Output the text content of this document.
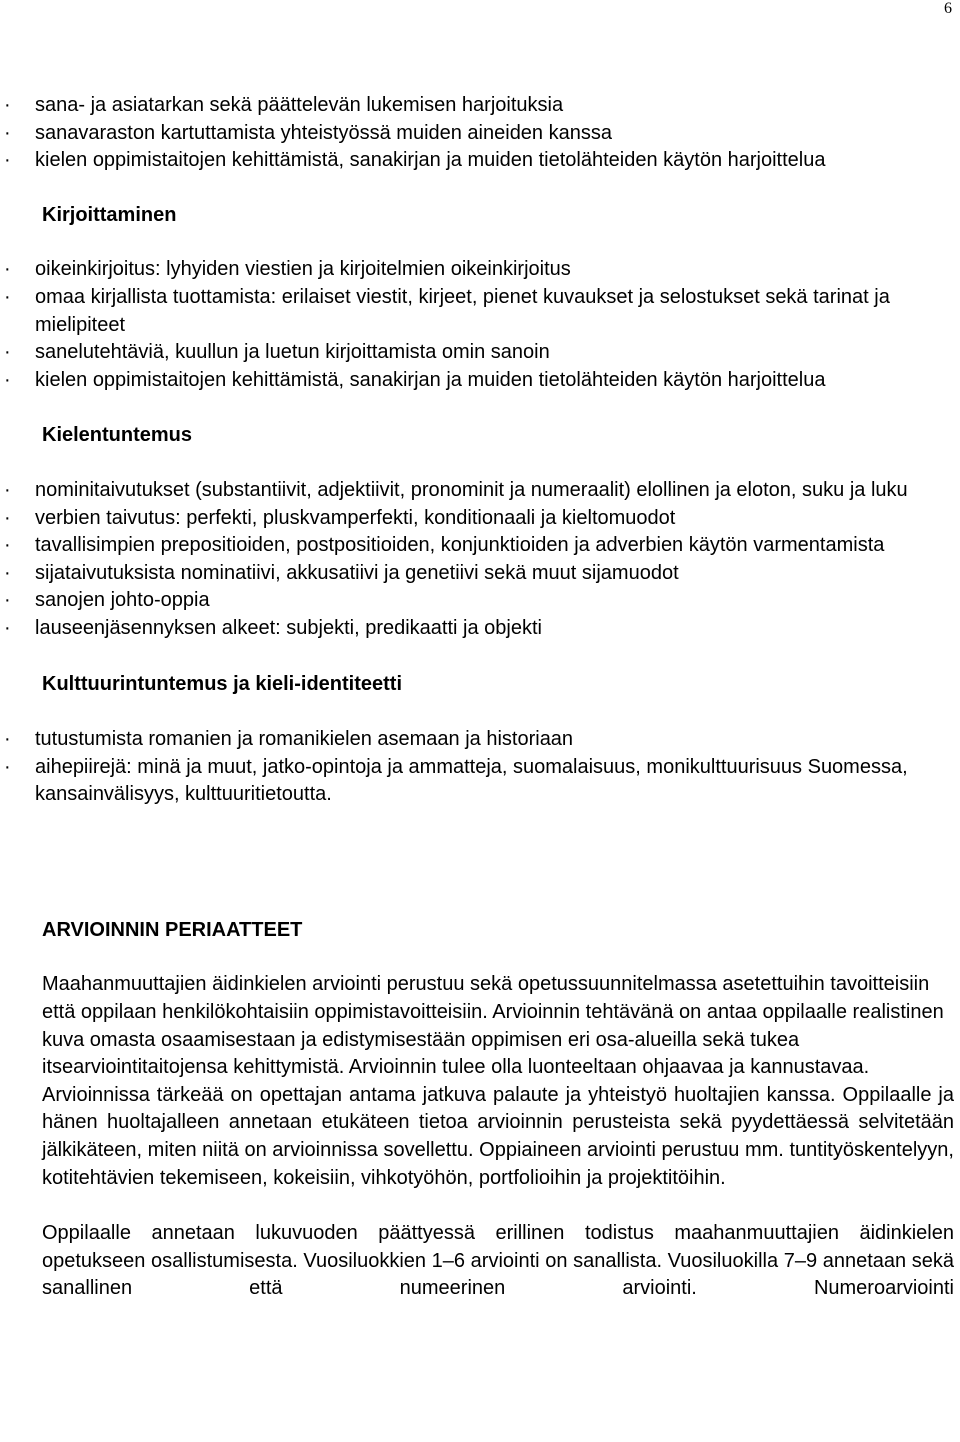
6
· sana- ja asiatarkan sekä päättelevän lukemisen harjoituksia
· sanavaraston kartuttamista yhteistyössä muiden aineiden kanssa
· kielen oppimistaitojen kehittämistä, sanakirjan ja muiden tietolähteiden käytön harjoittelua
Kirjoittaminen
· oikeinkirjoitus: lyhyiden viestien ja kirjoitelmien oikeinkirjoitus
· omaa kirjallista tuottamista: erilaiset viestit, kirjeet, pienet kuvaukset ja selostukset sekä tarinat ja mielipiteet
· sanelutehtäviä, kuullun ja luetun kirjoittamista omin sanoin
· kielen oppimistaitojen kehittämistä, sanakirjan ja muiden tietolähteiden käytön harjoittelua
Kielentuntemus
· nominitaivutukset (substantiivit, adjektiivit, pronominit ja numeraalit) elollinen ja eloton, suku ja luku
· verbien taivutus: perfekti, pluskvamperfekti, konditionaali ja kieltomuodot
· tavallisimpien prepositioiden, postpositioiden, konjunktioiden ja adverbien käytön varmentamista
· sijataivutuksista nominatiivi, akkusatiivi ja genetiivi sekä muut sijamuodot
· sanojen johto-oppia
· lauseenjäsennyksen alkeet: subjekti, predikaatti ja objekti
Kulttuurintuntemus ja kieli-identiteetti
· tutustumista romanien ja romanikielen asemaan ja historiaan
· aihepiirejä: minä ja muut, jatko-opintoja ja ammatteja, suomalaisuus, monikulttuurisuus Suomessa, kansainvälisyys, kulttuuritietoutta.
ARVIOINNIN PERIAATTEET

Maahanmuuttajien äidinkielen arviointi perustuu sekä opetussuunnitelmassa asetettuihin tavoitteisiin että oppilaan henkilökohtaisiin oppimistavoitteisiin. Arvioinnin tehtävänä on antaa oppilaalle realistinen kuva omasta osaamisestaan ja edistymisestään oppimisen eri osa-alueilla sekä tukea itsearviointitaitojensa kehittymistä. Arvioinnin tulee olla luonteeltaan ohjaavaa ja kannustavaa.

Arvioinnissa tärkeää on opettajan antama jatkuva palaute ja yhteistyö huoltajien kanssa. Oppilaalle ja hänen huoltajalleen annetaan etukäteen tietoa arvioinnin perusteista sekä pyydettäessä selvitetään jälkikäteen, miten niitä on arvioinnissa sovellettu. Oppiaineen arviointi perustuu mm. tuntityöskentelyyn, kotitehtävien tekemiseen, kokeisiin, vihkotyöhön, portfolioihin ja projektitöihin.

Oppilaalle annetaan lukuvuoden päättyessä erillinen todistus maahanmuuttajien äidinkielen opetukseen osallistumisesta. Vuosiluokkien 1–6 arviointi on sanallista. Vuosiluokilla 7–9 annetaan sekä sanallinen että numeerinen arviointi. Numeroarviointi
